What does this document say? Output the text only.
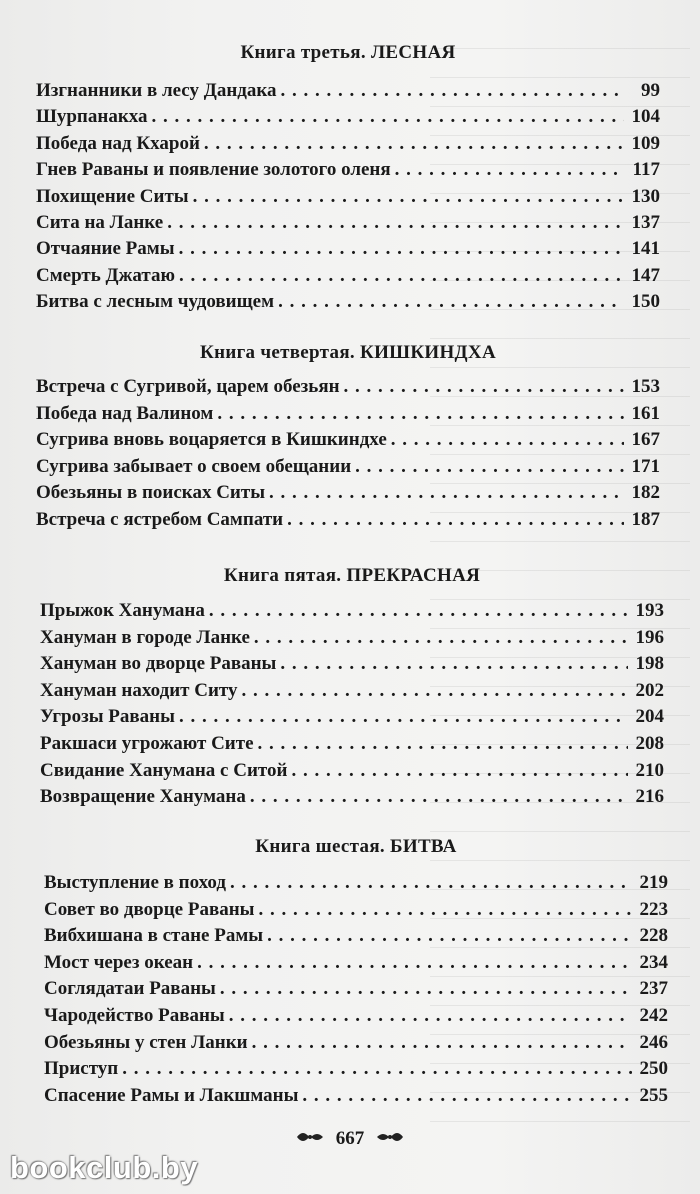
Книга третья. ЛЕСНАЯ
Изгнанники в лесу Дандака . . .	99
Шурпанакха . . .	104
Победа над Кхарой . . .	109
Гнев Раваны и появление золотого оленя . . .	117
Похищение Ситы . . .	130
Сита на Ланке . . .	137
Отчаяние Рамы . . .	141
Смерть Джатаю . . .	147
Битва с лесным чудовищем . . .	150
Книга четвертая. КИШКИНДХА
Встреча с Сугривой, царем обезьян . . .	153
Победа над Валином . . .	161
Сугрива вновь воцаряется в Кишкиндхе . . .	167
Сугрива забывает о своем обещании . . .	171
Обезьяны в поисках Ситы . . .	182
Встреча с ястребом Сампати . . .	187
Книга пятая. ПРЕКРАСНАЯ
Прыжок Ханумана . . .	193
Хануман в городе Ланке . . .	196
Хануман во дворце Раваны . . .	198
Хануман находит Ситу . . .	202
Угрозы Раваны . . .	204
Ракшаси угрожают Сите . . .	208
Свидание Ханумана с Ситой . . .	210
Возвращение Ханумана . . .	216
Книга шестая. БИТВА
Выступление в поход . . .	219
Совет во дворце Раваны . . .	223
Вибхишана в стане Рамы . . .	228
Мост через океан . . .	234
Соглядатаи Раваны . . .	237
Чародейство Раваны . . .	242
Обезьяны у стен Ланки . . .	246
Приступ . . .	250
Спасение Рамы и Лакшманы . . .	255
667
bookclub.by
